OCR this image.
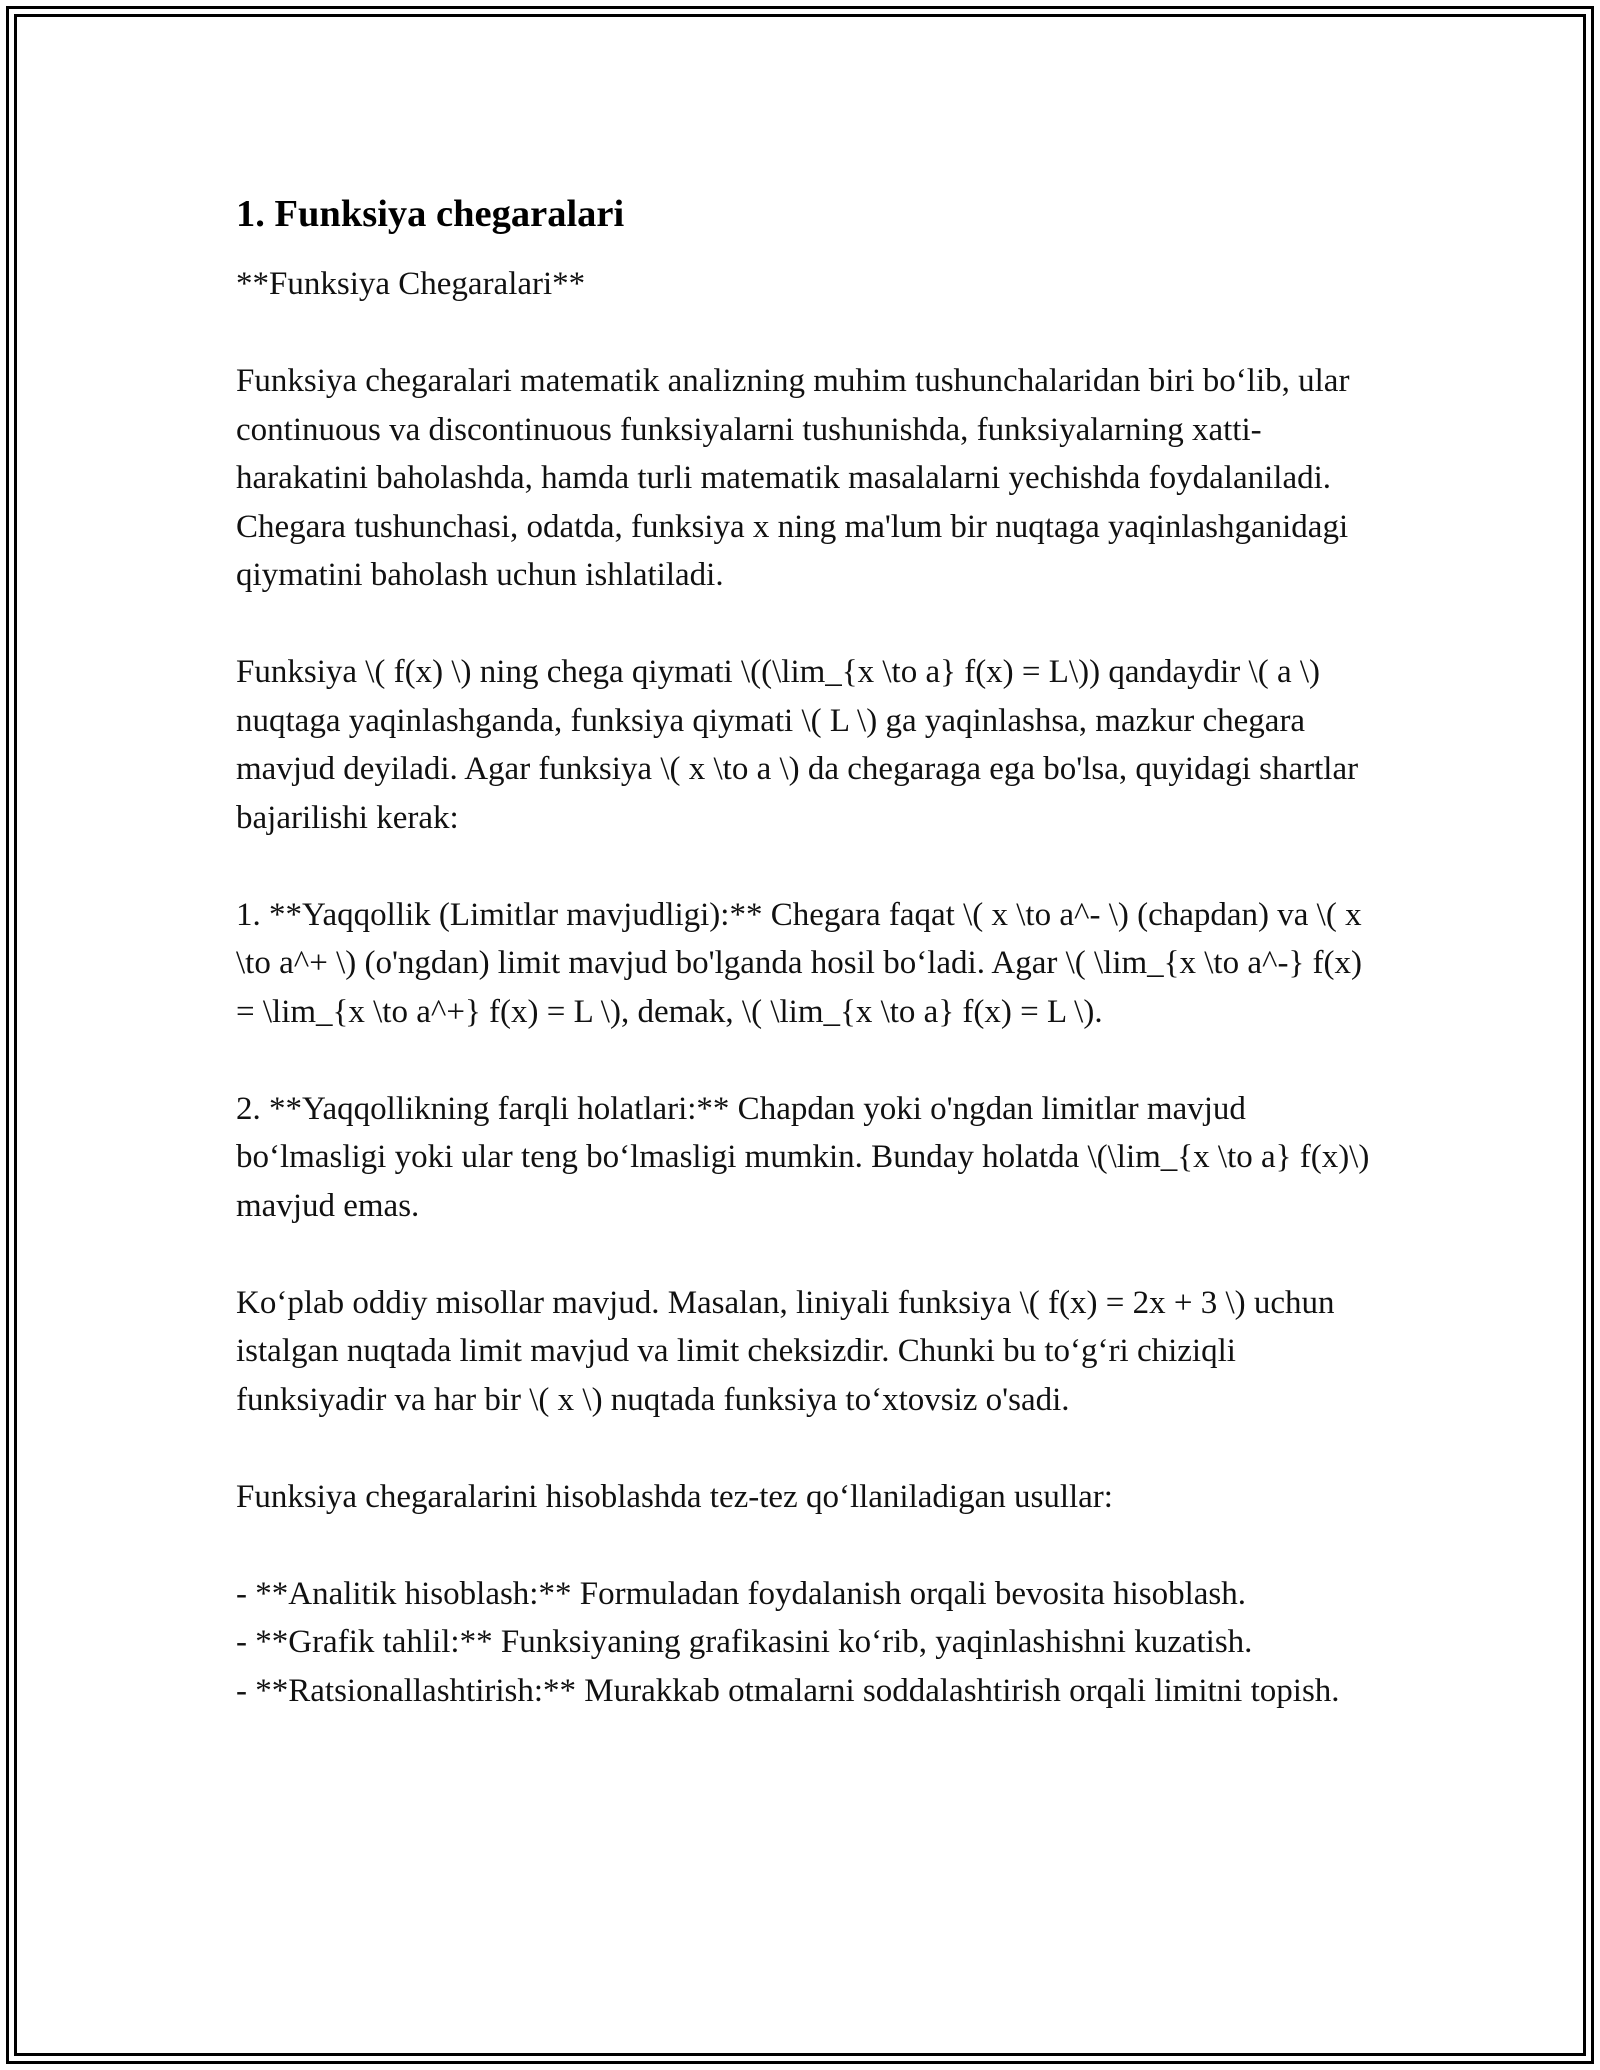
1. Funksiya chegaralari

**Funksiya Chegaralari**

Funksiya chegaralari matematik analizning muhim tushunchalaridan biri bo‘lib, ular continuous va discontinuous funksiyalarni tushunishda, funksiyalarning xatti-harakatini baholashda, hamda turli matematik masalalarni yechishda foydalaniladi. Chegara tushunchasi, odatda, funksiya x ning ma'lum bir nuqtaga yaqinlashganidagi qiymatini baholash uchun ishlatiladi.

Funksiya \( f(x) \) ning chega qiymati \((\lim_{x \to a} f(x) = L\)) qandaydir \( a \) nuqtaga yaqinlashganda, funksiya qiymati \( L \) ga yaqinlashsa, mazkur chegara mavjud deyiladi. Agar funksiya \( x \to a \) da chegaraga ega bo'lsa, quyidagi shartlar bajarilishi kerak:

1. **Yaqqollik (Limitlar mavjudligi):** Chegara faqat \( x \to a^- \) (chapdan) va \( x \to a^+ \) (o'ngdan) limit mavjud bo'lganda hosil bo‘ladi. Agar \( \lim_{x \to a^-} f(x) = \lim_{x \to a^+} f(x) = L \), demak, \( \lim_{x \to a} f(x) = L \).

2. **Yaqqollikning farqli holatlari:** Chapdan yoki o'ngdan limitlar mavjud bo‘lmasligi yoki ular teng bo‘lmasligi mumkin. Bunday holatda \(\lim_{x \to a} f(x)\) mavjud emas.

Ko‘plab oddiy misollar mavjud. Masalan, liniyali funksiya \( f(x) = 2x + 3 \) uchun istalgan nuqtada limit mavjud va limit cheksizdir. Chunki bu to‘g‘ri chiziqli funksiyadir va har bir \( x \) nuqtada funksiya to‘xtovsiz o'sadi.

Funksiya chegaralarini hisoblashda tez-tez qo‘llaniladigan usullar:

- **Analitik hisoblash:** Formuladan foydalanish orqali bevosita hisoblash.

- **Grafik tahlil:** Funksiyaning grafikasini ko‘rib, yaqinlashishni kuzatish.

- **Ratsionallashtirish:** Murakkab otmalarni soddalashtirish orqali limitni topish.
